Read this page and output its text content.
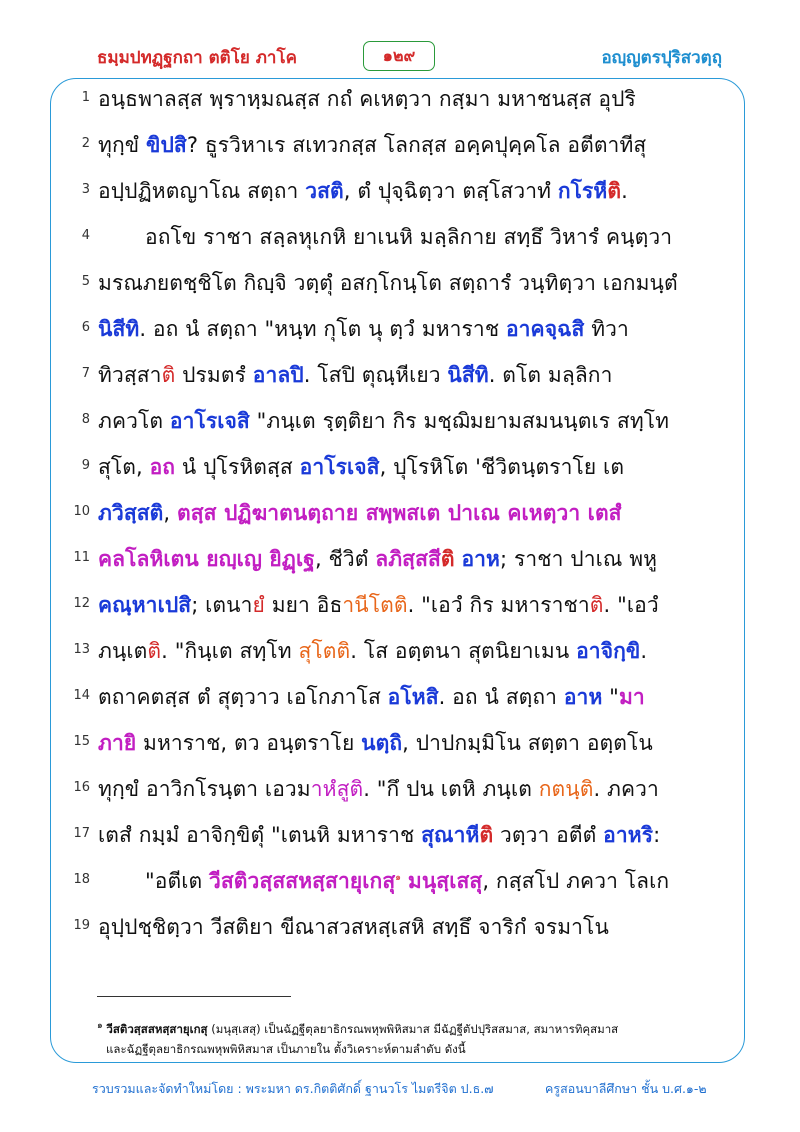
ธมฺมปทฏฺฐกถา ตติโย ภาโค	๑๒๙	อญฺญตรปุริสวตฺถุ
1 อนฺธพาลสฺส พฺราหฺมณสฺส กถํ คเหตฺวา กสฺมา มหาชนสฺส อุปริ
2 ทุกฺขํ ขิปสิ? ธูรวิหาเร สเทวกสฺส โลกสฺส อคฺคปุคฺคโล อตีตาทีสุ
3 อปฺปฏิหตญาโณ สตฺถา วสติ, ตํ ปุจฺฉิตฺวา ตสฺโสวาทํ กโรหีติ.
4	อถโข ราชา สลฺลหุเกหิ ยาเนหิ มลฺลิกาย สทฺธึ วิหารํ คนฺตฺวา
5 มรณภยตชฺชิโต กิญฺจิ วตฺตุํ อสกฺโกนฺโต สตฺถารํ วนฺทิตฺวา เอกมนฺตํ
6 นิสีทิ. อถ นํ สตฺถา "หนฺท กุโต นุ ตฺวํ มหาราช อาคจฺฉสิ ทิวา
7 ทิวสฺสาติ ปรมตรํ อาลปิ. โสปิ ตุณฺหีเยว นิสีทิ. ตโต มลฺลิกา
8 ภควโต อาโรเจสิ "ภนฺเต รฺตฺติยา กิร มชฺฌิมยามสมนนฺตเร สทฺโท
9 สุโต, อถ นํ ปุโรหิตสฺส อาโรเจสิ, ปุโรหิโต 'ชีวิตนฺตราโย เต
10 ภวิสฺสติ, ตสฺส ปฏิฆาตนตฺถาย สพฺพสเต ปาเณ คเหตฺวา เตสํ
11 คลโลหิเตน ยญฺเญ ยิฏฺเฐ, ชีวิตํ ลภิสฺสสีติ อาห; ราชา ปาเณ พหู
12 คณฺหาเปสิ; เตนายํ มยา อิธานีโตติ. "เอวํ กิร มหาราชาติ. "เอวํ
13 ภนฺเตติ. "กินฺเต สทฺโท สุโตติ. โส อตฺตนา สุตนิยาเมน อาจิกฺขิ.
14 ตถาคตสฺส ตํ สุตฺวาว เอโกภาโส อโหสิ. อถ นํ สตฺถา อาห "มา
15 ภายิ มหาราช, ตว อนฺตราโย นตฺถิ, ปาปกมฺมิโน สตฺตา อตฺตโน
16 ทุกฺขํ อาวิกโรนฺตา เอวมาหํสูติ. "กึ ปน เตหิ ภนฺเต กตนฺติ. ภควา
17 เตสํ กมฺมํ อาจิกฺขิตุํ "เตนหิ มหาราช สุณาหีติ วตฺวา อตีตํ อาหริ:
18	"อตีเต วีสติวสฺสสหสฺสายุเกสุ$^๑$ มนุสฺเสสุ, กสฺสโป ภควา โลเก
19 อุปฺปชฺชิตฺวา วีสติยา ขีณาสวสหสฺเสหิ สทฺธึ จาริกํ จรมาโน
$^๑$ วีสติวสฺสสหสฺสายุเกสุ (มนุสฺเสสุ) เป็นฉัฏฐีตุลยาธิกรณพหุพพิหิสมาส มีฉัฏฐีตัปปุริสสมาส, สมาหารทิคุสมาส
และฉัฏฐีตุลยาธิกรณพหุพพิหิสมาส เป็นภายใน ตั้งวิเคราะห์ตามลำดับ ดังนี้
รวบรวมและจัดทำใหม่โดย : พระมหา ดร.กิตติศักดิ์ ฐานวโร ไมตรีจิต ป.ธ.๗	ครูสอนบาลีศึกษา ชั้น บ.ศ.๑-๒
